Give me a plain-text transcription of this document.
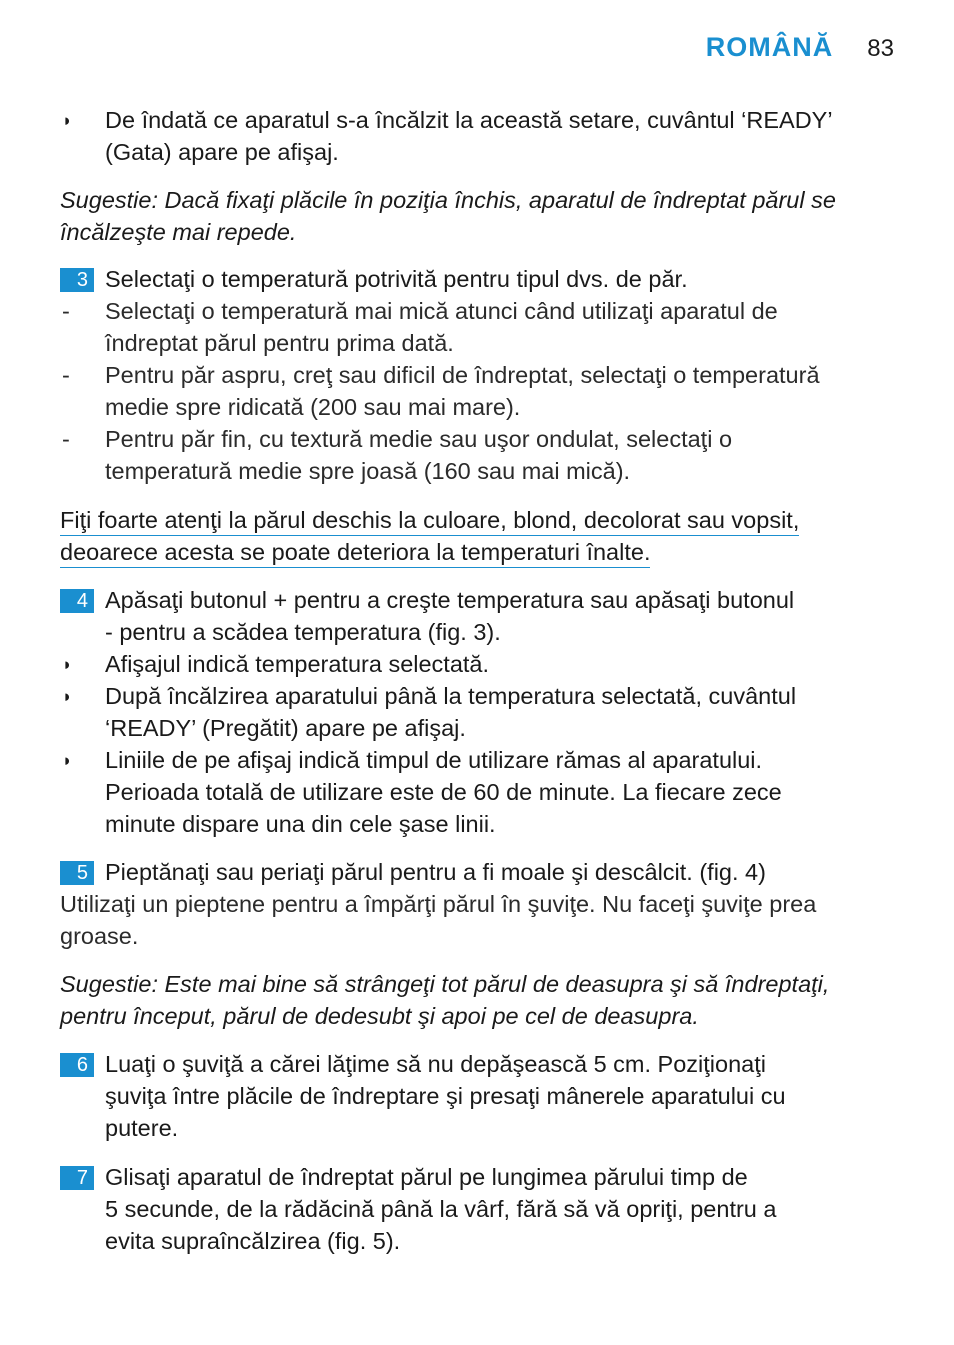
ROMÂNĂ 83
◗ De îndată ce aparatul s-a încălzit la această setare, cuvântul ‘READY’
(Gata) apare pe afişaj.
Sugestie: Dacă fixaţi plăcile în poziţia închis, aparatul de îndreptat părul se
încălzeşte mai repede.
3 Selectaţi o temperatură potrivită pentru tipul dvs. de păr.
- Selectaţi o temperatură mai mică atunci când utilizaţi aparatul de
îndreptat părul pentru prima dată.
- Pentru păr aspru, creţ sau dificil de îndreptat, selectaţi o temperatură
medie spre ridicată (200 sau mai mare).
- Pentru păr fin, cu textură medie sau uşor ondulat, selectaţi o
temperatură medie spre joasă (160 sau mai mică).
Fiţi foarte atenţi la părul deschis la culoare, blond, decolorat sau vopsit,
deoarece acesta se poate deteriora la temperaturi înalte.
4 Apăsaţi butonul + pentru a creşte temperatura sau apăsaţi butonul
- pentru a scădea temperatura (fig. 3).
◗ Afişajul indică temperatura selectată.
◗ După încălzirea aparatului până la temperatura selectată, cuvântul
‘READY’ (Pregătit) apare pe afişaj.
◗ Liniile de pe afişaj indică timpul de utilizare rămas al aparatului.
Perioada totală de utilizare este de 60 de minute. La fiecare zece
minute dispare una din cele şase linii.
5 Pieptănaţi sau periaţi părul pentru a fi moale şi descâlcit. (fig. 4)
Utilizaţi un pieptene pentru a împărţi părul în şuviţe. Nu faceţi şuviţe prea
groase.
Sugestie: Este mai bine să strângeţi tot părul de deasupra şi să îndreptaţi,
pentru început, părul de dedesubt şi apoi pe cel de deasupra.
6 Luaţi o şuviţă a cărei lăţime să nu depăşească 5 cm. Poziţionaţi
şuviţa între plăcile de îndreptare şi presaţi mânerele aparatului cu
putere.
7 Glisaţi aparatul de îndreptat părul pe lungimea părului timp de
5 secunde, de la rădăcină până la vârf, fără să vă opriţi, pentru a
evita supraîncălzirea (fig. 5).
